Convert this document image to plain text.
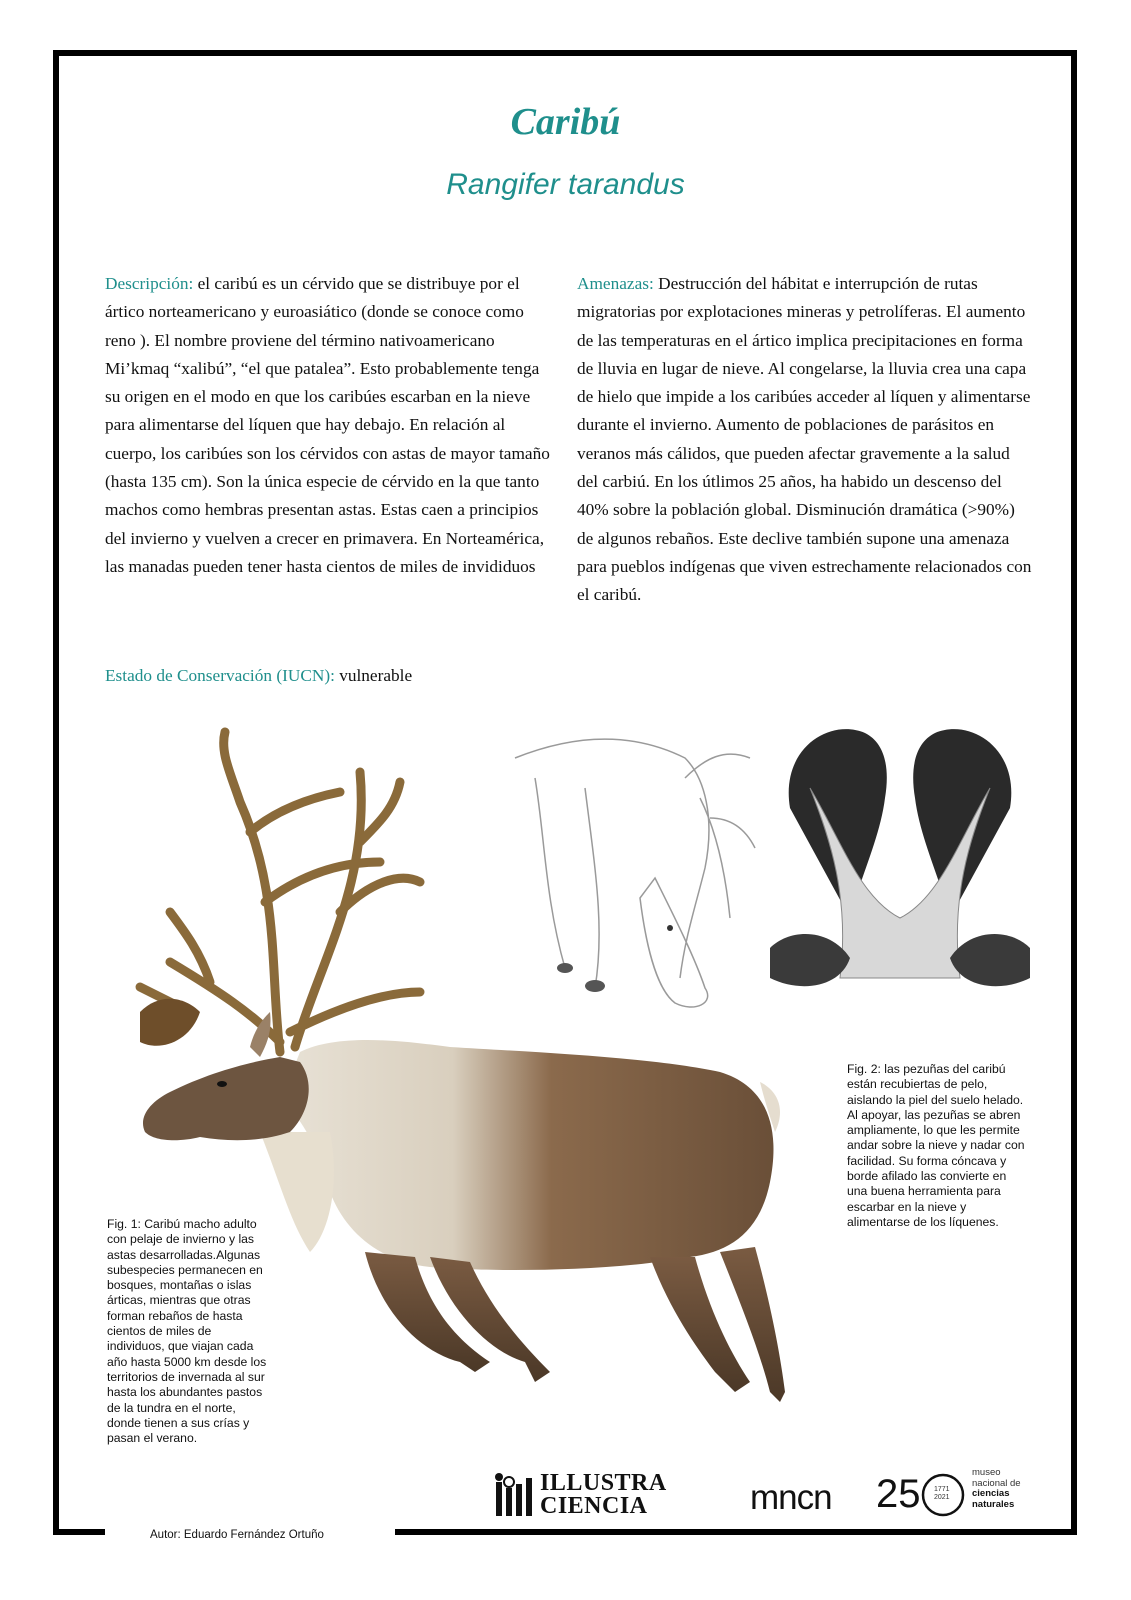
Caribú
Rangifer tarandus
Descripción: el caribú es un cérvido que se distribuye por el ártico norteamericano y euroasiático (donde se conoce como reno ). El nombre proviene del término nativoamericano Mi’kmaq “xalibú”, “el que patalea”. Esto probablemente tenga su origen en el modo en que los caribúes escarban en la nieve para alimentarse del líquen que hay debajo. En relación al cuerpo, los caribúes son los cérvidos con astas de mayor tamaño (hasta 135 cm). Son la única especie de cérvido en la que tanto machos como hembras presentan astas. Estas caen a principios del invierno y vuelven a crecer en primavera. En Norteamérica, las manadas pueden tener hasta cientos de miles de invididuos
Amenazas: Destrucción del hábitat e interrupción de rutas migratorias por explotaciones mineras y petrolíferas. El aumento de las temperaturas en el ártico implica precipitaciones en forma de lluvia en lugar de nieve. Al congelarse, la lluvia crea una capa de hielo que impide a los caribúes acceder al líquen y alimentarse durante el invierno. Aumento de poblaciones de parásitos en veranos más cálidos, que pueden afectar gravemente a la salud del carbiú. En los útlimos 25 años, ha habido un descenso del 40% sobre la población global. Disminución dramática (>90%) de algunos rebaños. Este declive también supone una amenaza para pueblos indígenas que viven estrechamente relacionados con el caribú.
Estado de Conservación (IUCN): vulnerable
Fig. 1: Caribú macho adulto con pelaje de invierno y las astas desarrolladas.Algunas subespecies permanecen en bosques, montañas o islas árticas, mientras que otras forman rebaños de hasta cientos de miles de individuos, que viajan cada año hasta 5000 km desde los territorios de invernada al sur hasta los abundantes pastos de la tundra en el norte, donde tienen a sus crías y pasan el verano.
Fig. 2: las pezuñas del caribú están recubiertas de pelo, aislando la piel del suelo helado. Al apoyar, las pezuñas se abren ampliamente, lo que les permite andar sobre la nieve y nadar con facilidad. Su forma cóncava y borde afilado las convierte en una buena herramienta para escarbar en la nieve y alimentarse de los líquenes.
Autor: Eduardo Fernández Ortuño
ILLUSTRA
CIENCIA	mncn 25 1771
2021
museo
nacional de
ciencias
naturales
